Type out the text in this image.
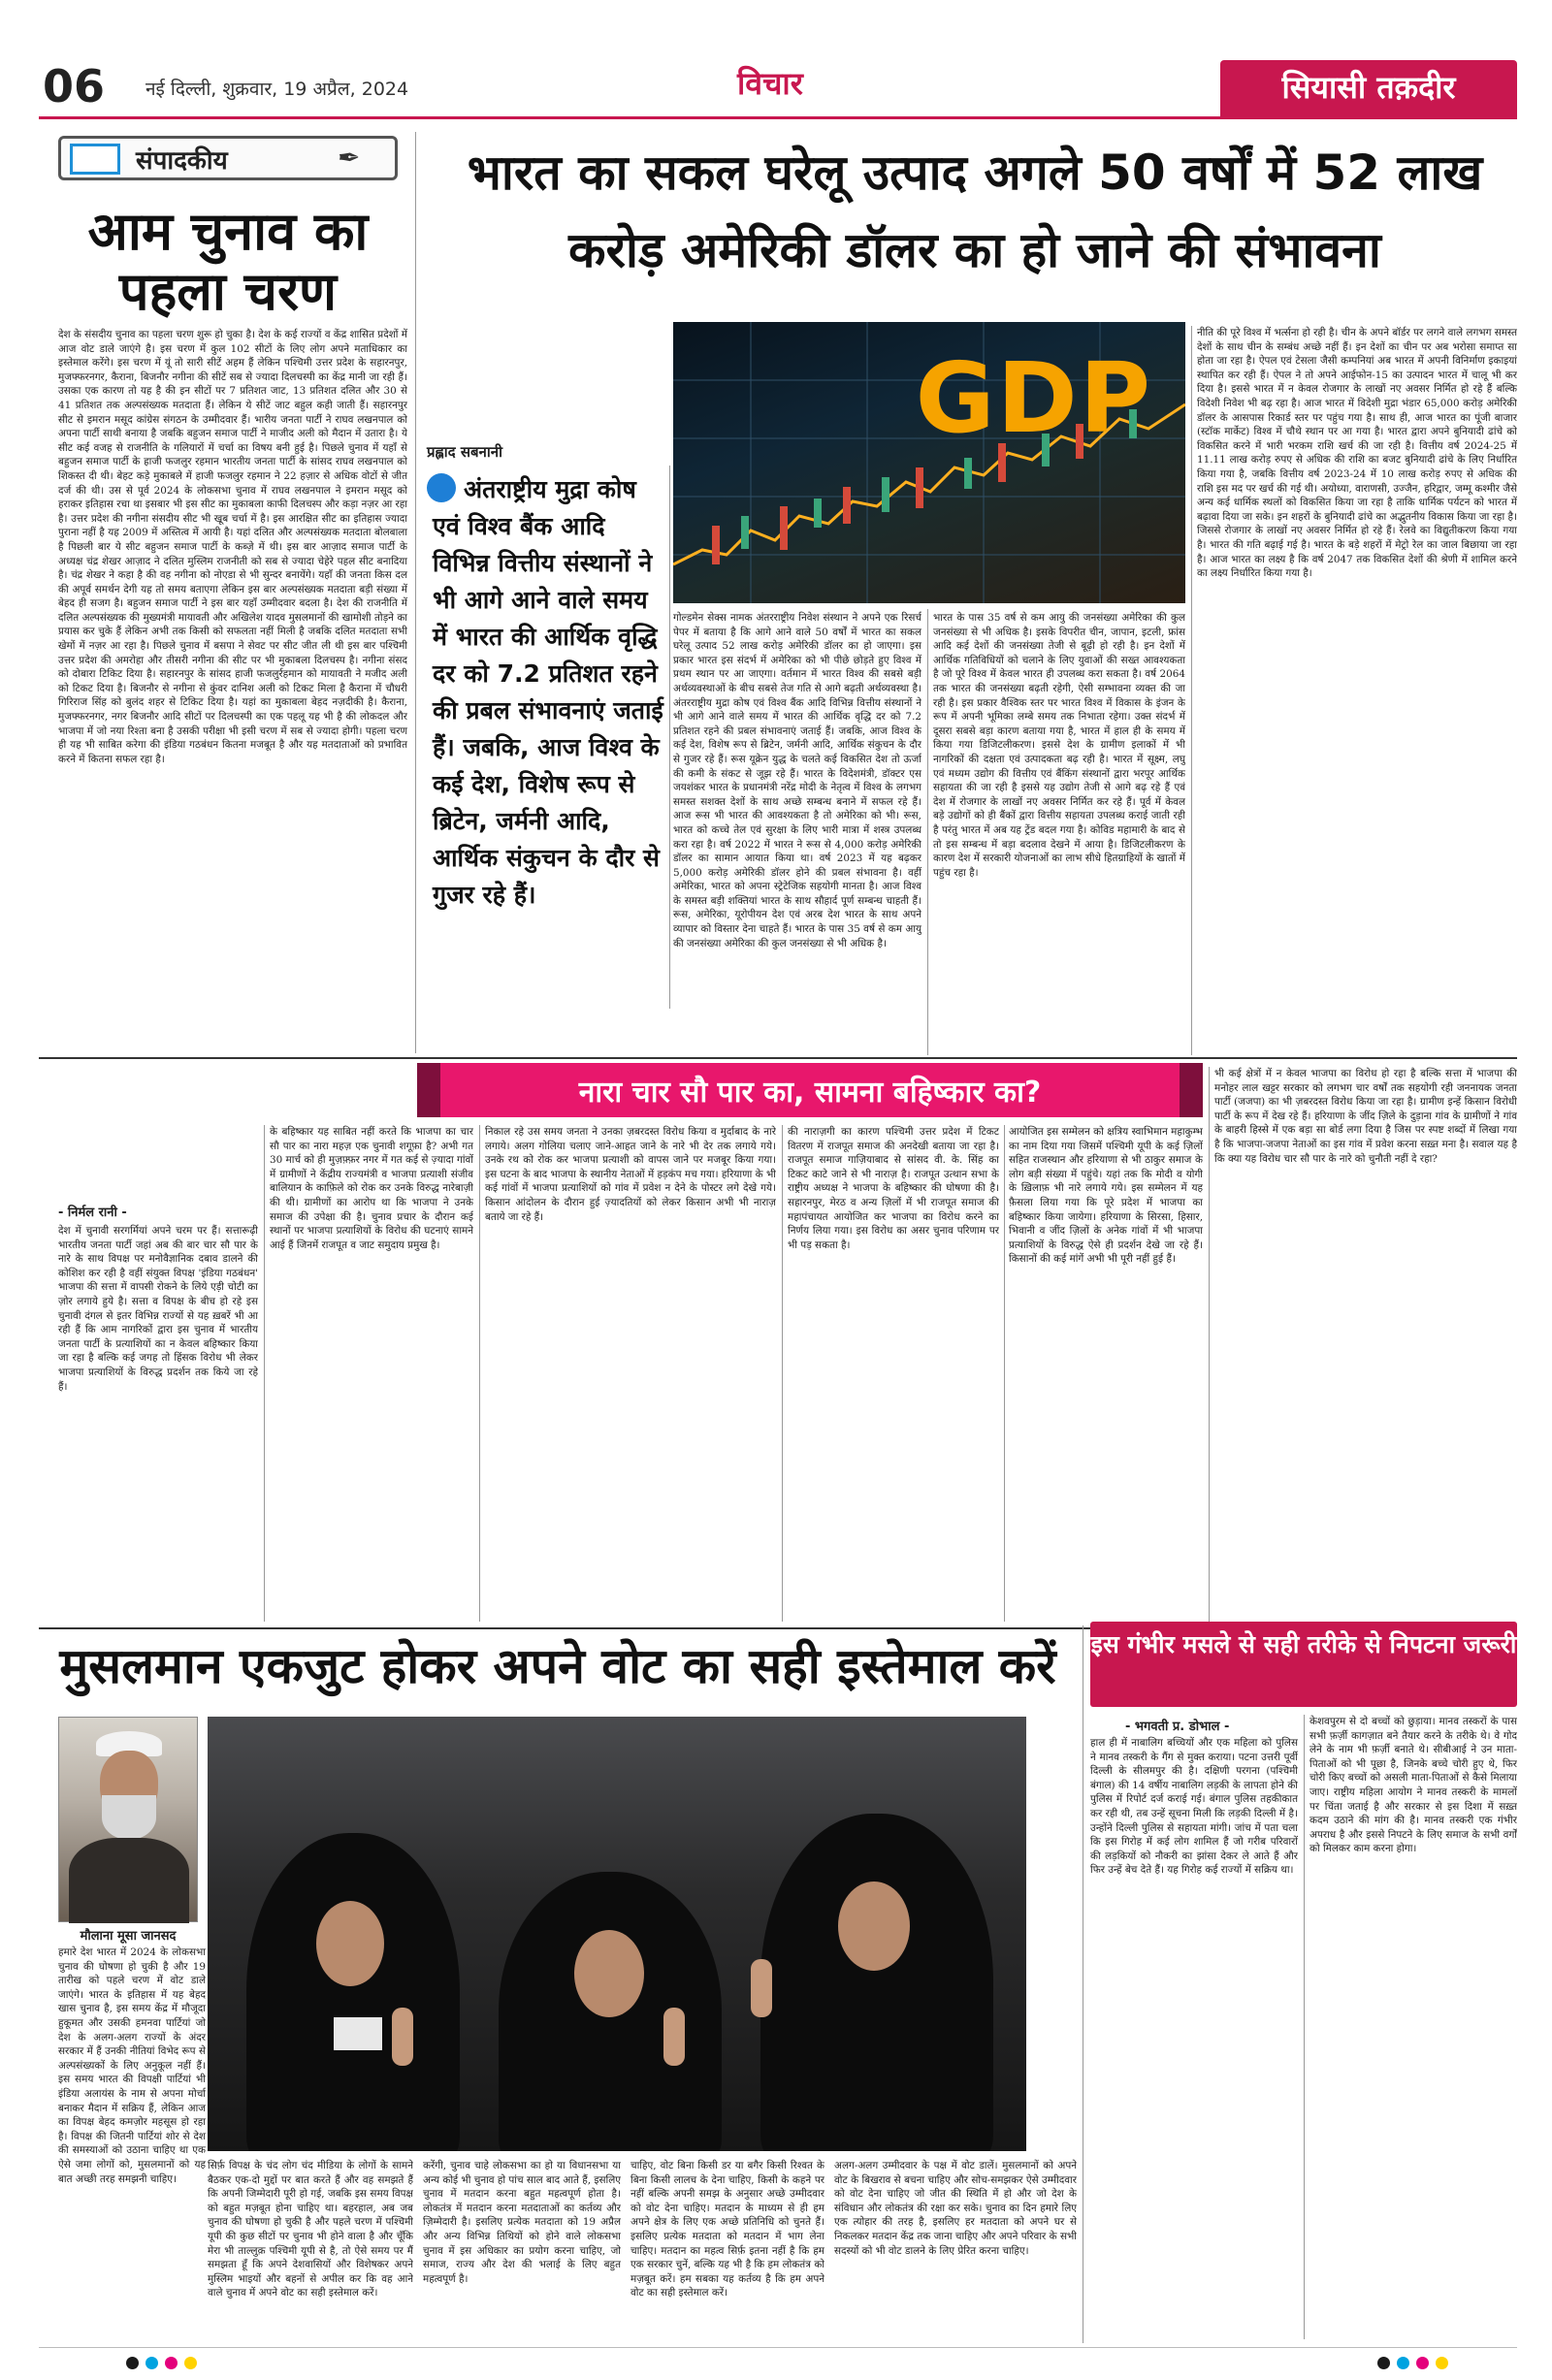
06 नई दिल्ली, शुक्रवार, 19 अप्रैल, 2024	विचार	सियासी तक़दीर
संपादकीय	✒
आम चुनाव का पहला चरण
देश के संसदीय चुनाव का पहला चरण शुरू हो चुका है। देश के कई राज्यों व केंद्र शासित प्रदेशों में आज वोट डाले जाएंगे है। इस चरण में कुल 102 सीटों के लिए लोग अपने मताधिकार का इस्तेमाल करेंगे। इस चरण में यूं तो सारी सीटें अहम हैं लेकिन पश्चिमी उत्तर प्रदेश के सहारनपुर, मुजफ्फरनगर, कैराना, बिजनौर नगीना की सीटें सब से ज्यादा दिलचस्पी का केंद्र मानी जा रही हैं। उसका एक कारण तो यह है की इन सीटों पर 7 प्रतिशत जाट, 13 प्रतिशत दलित और 30 से 41 प्रतिशत तक अल्पसंख्यक मतदाता हैं। लेकिन ये सीटें जाट बहुल कही जाती हैं। सहारनपुर सीट से इमरान मसूद कांग्रेस संगठन के उम्मीदवार हैं। भारीय जनता पार्टी ने राघव लखनपाल को अपना पार्टी साथी बनाया है जबकि बहुजन समाज पार्टी ने माजीद अली को मैदान में उतारा है। ये सीट कई वजह से राजनीति के गलियारों में चर्चा का विषय बनी हुई है। पिछले चुनाव में यहाँ से बहुजन समाज पार्टी के हाजी फजलुर रहमान भारतीय जनता पार्टी के सांसद राघव लखनपाल को शिकस्त दी थी। बेहट कड़े मुकाबले में हाजी फजलुर रहमान ने 22 हज़ार से अधिक वोटों से जीत दर्ज की थी। उस से पूर्व 2024 के लोकसभा चुनाव में राघव लखनपाल ने इमरान मसूद को हराकर इतिहास रचा था इसबार भी इस सीट का मुकाबला काफी दिलचस्प और कड़ा नज़र आ रहा है। उत्तर प्रदेश की नगीना संसदीय सीट भी खूब चर्चा में है। इस आरक्षित सीट का इतिहास ज्यादा पुराना नहीं है यह 2009 में अस्तित्व में आयी है। यहां दलित और अल्पसंख्यक मतदाता बोलबाला है पिछली बार ये सीट बहुजन समाज पार्टी के कब्ज़े में थी। इस बार आज़ाद समाज पार्टी के अध्यक्ष चंद्र शेखर आज़ाद ने दलित मुस्लिम राजनीती को सब से ज्यादा चेहेरे पहल सीट बनादिया है। चंद्र शेखर ने कहा है की वह नगीना को नोएडा से भी सुन्दर बनायेंगे। यहाँ की जनता किस दल की अपूर्व समर्थन देगी यह तो समय बताएगा लेकिन इस बार अल्पसंख्यक मतदाता बड़ी संख्या में बेहद ही सजग है। बहुजन समाज पार्टी ने इस बार यहाँ उम्मीदवार बदला है। देश की राजनीति में दलित अल्पसंख्यक की मुख्यमंत्री मायावती और अखिलेश यादव मुसलमानों की खामोशी तोड़ने का प्रयास कर चुके हैं लेकिन अभी तक किसी को सफलता नहीं मिली है जबकि दलित मतदाता सभी खेमों में नज़र आ रहा है। पिछले चुनाव में बसपा ने सेवट पर सीट जीत ली थी इस बार पश्चिमी उत्तर प्रदेश की अमरोहा और तीसरी नगीना की सीट पर भी मुकाबला दिलचस्प है। नगीना संसद को दोबारा टिकिट दिया है। सहारनपुर के सांसद हाजी फजलुर्रहमान को मायावती ने मजीद अली को टिकट दिया है। बिजनौर से नगीना से कुंवर दानिश अली को टिकट मिला है कैराना में चौधरी गिरिराज सिंह को बुलंद शहर से टिकिट दिया है। यहां का मुकाबला बेहद नज़दीकी है। कैराना, मुजफ्फरनगर, नगर बिजनौर आदि सीटों पर दिलचस्पी का एक पहलू यह भी है की लोकदल और भाजपा में जो नया रिश्ता बना है उसकी परीक्षा भी इसी चरण में सब से ज्यादा होगी। पहला चरण ही यह भी साबित करेगा की इंडिया गठबंधन कितना मजबूत है और यह मतदाताओं को प्रभावित करने में कितना सफल रहा है।
भारत का सकल घरेलू उत्पाद अगले 50 वर्षों में 52 लाख करोड़ अमेरिकी डॉलर का हो जाने की संभावना
प्रह्लाद सबनानी
अंतराष्ट्रीय मुद्रा कोष एवं विश्व बैंक आदि विभिन्न वित्तीय संस्थानों ने भी आगे आने वाले समय में भारत की आर्थिक वृद्धि दर को 7.2 प्रतिशत रहने की प्रबल संभावनाएं जताई हैं। जबकि, आज विश्व के कई देश, विशेष रूप से ब्रिटेन, जर्मनी आदि, आर्थिक संकुचन के दौर से गुजर रहे हैं।
GDP
गोल्डमेन सेक्स नामक अंतरराष्ट्रीय निवेश संस्थान ने अपने एक रिसर्च पेपर में बताया है कि आगे आने वाले 50 वर्षों में भारत का सकल घरेलू उत्पाद 52 लाख करोड़ अमेरिकी डॉलर का हो जाएगा। इस प्रकार भारत इस संदर्भ में अमेरिका को भी पीछे छोड़ते हुए विश्व में प्रथम स्थान पर आ जाएगा। वर्तमान में भारत विश्व की सबसे बड़ी अर्थव्यवस्थाओं के बीच सबसे तेज गति से आगे बढ़ती अर्थव्यवस्था है। अंतरराष्ट्रीय मुद्रा कोष एवं विश्व बैंक आदि विभिन्न वित्तीय संस्थानों ने भी आगे आने वाले समय में भारत की आर्थिक वृद्धि दर को 7.2 प्रतिशत रहने की प्रबल संभावनाएं जताई हैं। जबकि, आज विश्व के कई देश, विशेष रूप से ब्रिटेन, जर्मनी आदि, आर्थिक संकुचन के दौर से गुजर रहे हैं। रूस यूक्रेन युद्ध के चलते कई विकसित देश तो ऊर्जा की कमी के संकट से जूझ रहे हैं। भारत के विदेशमंत्री, डॉक्टर एस जयशंकर भारत के प्रधानमंत्री नरेंद्र मोदी के नेतृत्व में विश्व के लगभग समस्त सशक्त देशों के साथ अच्छे सम्बन्ध बनाने में सफल रहे हैं। आज रूस भी भारत की आवश्यकता है तो अमेरिका को भी। रूस, भारत को कच्चे तेल एवं सुरक्षा के लिए भारी मात्रा में शस्त्र उपलब्ध करा रहा है। वर्ष 2022 में भारत ने रूस से 4,000 करोड़ अमेरिकी डॉलर का सामान आयात किया था। वर्ष 2023 में यह बढ़कर 5,000 करोड़ अमेरिकी डॉलर होने की प्रबल संभावना है। वहीं अमेरिका, भारत को अपना स्ट्रेटेजिक सहयोगी मानता है। आज विश्व के समस्त बड़ी शक्तियां भारत के साथ सौहार्द पूर्ण सम्बन्ध चाहती हैं। रूस, अमेरिका, यूरोपीयन देश एवं अरब देश भारत के साथ अपने व्यापार को विस्तार देना चाहते हैं। भारत के पास 35 वर्ष से कम आयु की जनसंख्या अमेरिका की कुल जनसंख्या से भी अधिक है।
भारत के पास 35 वर्ष से कम आयु की जनसंख्या अमेरिका की कुल जनसंख्या से भी अधिक है। इसके विपरीत चीन, जापान, इटली, फ्रांस आदि कई देशों की जनसंख्या तेजी से बूढ़ी हो रही है। इन देशों में आर्थिक गतिविधियों को चलाने के लिए युवाओं की सख्त आवश्यकता है जो पूरे विश्व में केवल भारत ही उपलब्ध करा सकता है। वर्ष 2064 तक भारत की जनसंख्या बढ़ती रहेगी, ऐसी सम्भावना व्यक्त की जा रही है। इस प्रकार वैश्विक स्तर पर भारत विश्व में विकास के इंजन के रूप में अपनी भूमिका लम्बे समय तक निभाता रहेगा। उक्त संदर्भ में दूसरा सबसे बड़ा कारण बताया गया है, भारत में हाल ही के समय में किया गया डिजिटलीकरण। इससे देश के ग्रामीण इलाकों में भी नागरिकों की दक्षता एवं उत्पादकता बढ़ रही है। भारत में सूक्ष्म, लघु एवं मध्यम उद्योग की वित्तीय एवं बैंकिंग संस्थानों द्वारा भरपूर आर्थिक सहायता की जा रही है इससे यह उद्योग तेजी से आगे बढ़ रहे हैं एवं देश में रोजगार के लाखों नए अवसर निर्मित कर रहे हैं। पूर्व में केवल बड़े उद्योगों को ही बैंकों द्वारा वित्तीय सहायता उपलब्ध कराई जाती रही है परंतु भारत में अब यह ट्रेंड बदल गया है। कोविड महामारी के बाद से तो इस सम्बन्ध में बड़ा बदलाव देखने में आया है। डिजिटलीकरण के कारण देश में सरकारी योजनाओं का लाभ सीधे हितग्राहियों के खातों में पहुंच रहा है।
नीति की पूरे विश्व में भर्त्सना हो रही है। चीन के अपने बॉर्डर पर लगने वाले लगभग समस्त देशों के साथ चीन के सम्बंध अच्छे नहीं हैं। इन देशों का चीन पर अब भरोसा समाप्त सा होता जा रहा है। ऐपल एवं टेसला जैसी कम्पनियां अब भारत में अपनी विनिर्माण इकाइयां स्थापित कर रही हैं। ऐपल ने तो अपने आईफोन-15 का उत्पादन भारत में चालू भी कर दिया है। इससे भारत में न केवल रोजगार के लाखों नए अवसर निर्मित हो रहे हैं बल्कि विदेशी निवेश भी बढ़ रहा है। आज भारत में विदेशी मुद्रा भंडार 65,000 करोड़ अमेरिकी डॉलर के आसपास रिकार्ड स्तर पर पहुंच गया है। साथ ही, आज भारत का पूंजी बाजार (स्टॉक मार्केट) विश्व में चौथे स्थान पर आ गया है। भारत द्वारा अपने बुनियादी ढांचे को विकसित करने में भारी भरकम राशि खर्च की जा रही है। वित्तीय वर्ष 2024-25 में 11.11 लाख करोड़ रुपए से अधिक की राशि का बजट बुनियादी ढांचे के लिए निर्धारित किया गया है, जबकि वित्तीय वर्ष 2023-24 में 10 लाख करोड़ रुपए से अधिक की राशि इस मद पर खर्च की गई थी। अयोध्या, वाराणसी, उज्जैन, हरिद्वार, जम्मू कश्मीर जैसे अन्य कई धार्मिक स्थलों को विकसित किया जा रहा है ताकि धार्मिक पर्यटन को भारत में बढ़ावा दिया जा सके। इन शहरों के बुनियादी ढांचे का अद्भुतनीय विकास किया जा रहा है। जिससे रोजगार के लाखों नए अवसर निर्मित हो रहे हैं। रेलवे का विद्युतीकरण किया गया है। भारत की गति बढ़ाई गई है। भारत के बड़े शहरों में मेट्रो रेल का जाल बिछाया जा रहा है। आज भारत का लक्ष्य है कि वर्ष 2047 तक विकसित देशों की श्रेणी में शामिल करने का लक्ष्य निर्धारित किया गया है।
नारा चार सौ पार का, सामना बहिष्कार का?
- निर्मल रानी -
देश में चुनावी सरगर्मियां अपने चरम पर हैं। सत्तारूढ़ी भारतीय जनता पार्टी जहां अब की बार चार सौ पार के नारे के साथ विपक्ष पर मनोवैज्ञानिक दबाव डालने की कोशिश कर रही है वहीं संयुक्त विपक्ष 'इंडिया गठबंधन' भाजपा की सत्ता में वापसी रोकने के लिये एड़ी चोटी का ज़ोर लगाये हुये है। सत्ता व विपक्ष के बीच हो रहे इस चुनावी दंगल से इतर विभिन्न राज्यों से यह ख़बरें भी आ रही हैं कि आम नागरिकों द्वारा इस चुनाव में भारतीय जनता पार्टी के प्रत्याशियों का न केवल बहिष्कार किया जा रहा है बल्कि कई जगह तो हिंसक विरोध भी लेकर भाजपा प्रत्याशियों के विरुद्ध प्रदर्शन तक किये जा रहे हैं।
के बहिष्कार यह साबित नहीं करते कि भाजपा का चार सौ पार का नारा महज़ एक चुनावी शगूफ़ा है? अभी गत 30 मार्च को ही मुज़फ़्फ़र नगर में गत कई से ज़्यादा गांवों में ग्रामीणों ने केंद्रीय राज्यमंत्री व भाजपा प्रत्याशी संजीव बालियान के काफ़िले को रोक कर उनके विरुद्ध नारेबाज़ी की थी। ग्रामीणों का आरोप था कि भाजपा ने उनके समाज की उपेक्षा की है। चुनाव प्रचार के दौरान कई स्थानों पर भाजपा प्रत्याशियों के विरोध की घटनाएं सामने आई हैं जिनमें राजपूत व जाट समुदाय प्रमुख है।
निकाल रहे उस समय जनता ने उनका ज़बरदस्त विरोध किया व मुर्दाबाद के नारे लगाये। अलग गोलिया चलाए जाने-आहत जाने के नारे भी देर तक लगाये गये। उनके रथ को रोक कर भाजपा प्रत्याशी को वापस जाने पर मजबूर किया गया। इस घटना के बाद भाजपा के स्थानीय नेताओं में हड़कंप मच गया। हरियाणा के भी कई गांवों में भाजपा प्रत्याशियों को गांव में प्रवेश न देने के पोस्टर लगे देखे गये। किसान आंदोलन के दौरान हुई ज़्यादतियों को लेकर किसान अभी भी नाराज़ बताये जा रहे हैं।
की नाराज़गी का कारण पश्चिमी उत्तर प्रदेश में टिकट वितरण में राजपूत समाज की अनदेखी बताया जा रहा है। राजपूत समाज गाज़ियाबाद से सांसद वी. के. सिंह का टिकट काटे जाने से भी नाराज़ है। राजपूत उत्थान सभा के राष्ट्रीय अध्यक्ष ने भाजपा के बहिष्कार की घोषणा की है। सहारनपुर, मेरठ व अन्य ज़िलों में भी राजपूत समाज की महापंचायत आयोजित कर भाजपा का विरोध करने का निर्णय लिया गया। इस विरोध का असर चुनाव परिणाम पर भी पड़ सकता है।
आयोजित इस सम्मेलन को क्षत्रिय स्वाभिमान महाकुम्भ का नाम दिया गया जिसमें पश्चिमी यूपी के कई ज़िलों सहित राजस्थान और हरियाणा से भी ठाकुर समाज के लोग बड़ी संख्या में पहुंचे। यहां तक कि मोदी व योगी के ख़िलाफ़ भी नारे लगाये गये। इस सम्मेलन में यह फ़ैसला लिया गया कि पूरे प्रदेश में भाजपा का बहिष्कार किया जायेगा। हरियाणा के सिरसा, हिसार, भिवानी व जींद ज़िलों के अनेक गांवों में भी भाजपा प्रत्याशियों के विरुद्ध ऐसे ही प्रदर्शन देखे जा रहे हैं। किसानों की कई मांगें अभी भी पूरी नहीं हुई हैं।
भी कई क्षेत्रों में न केवल भाजपा का विरोध हो रहा है बल्कि सत्ता में भाजपा की मनोहर लाल खट्टर सरकार को लगभग चार वर्षों तक सहयोगी रही जननायक जनता पार्टी (जजपा) का भी ज़बरदस्त विरोध किया जा रहा है। ग्रामीण इन्हें किसान विरोधी पार्टी के रूप में देख रहे हैं। हरियाणा के जींद ज़िले के दुड़ाना गांव के ग्रामीणों ने गांव के बाहरी हिस्से में एक बड़ा सा बोर्ड लगा दिया है जिस पर स्पष्ट शब्दों में लिखा गया है कि भाजपा-जजपा नेताओं का इस गांव में प्रवेश करना सख़्त मना है। सवाल यह है कि क्या यह विरोध चार सौ पार के नारे को चुनौती नहीं दे रहा?
मुसलमान एकजुट होकर अपने वोट का सही इस्तेमाल करें
मौलाना मूसा जानसद
हमारे देश भारत में 2024 के लोकसभा चुनाव की घोषणा हो चुकी है और 19 तारीख को पहले चरण में वोट डाले जाएंगे। भारत के इतिहास में यह बेहद खास चुनाव है, इस समय केंद्र में मौजूदा हुकूमत और उसकी हमनवा पार्टियां जो देश के अलग-अलग राज्यों के अंदर सरकार में हैं उनकी नीतियां विभेद रूप से अल्पसंख्यकों के लिए अनुकूल नहीं हैं। इस समय भारत की विपक्षी पार्टियां भी इंडिया अलायंस के नाम से अपना मोर्चा बनाकर मैदान में सक्रिय हैं, लेकिन आज का विपक्ष बेहद कमज़ोर महसूस हो रहा है। विपक्ष की जितनी पार्टियां शोर से देश की समस्याओं को उठाना चाहिए था एक ऐसे जमा लोगों को, मुसलमानों को यह बात अच्छी तरह समझनी चाहिए।
सिर्फ़ विपक्ष के चंद लोग चंद मीडिया के लोगों के सामने बैठकर एक-दो मुद्दों पर बात करते हैं और वह समझते हैं कि अपनी जिम्मेदारी पूरी हो गई, जबकि इस समय विपक्ष को बहुत मज़बूत होना चाहिए था। बहरहाल, अब जब चुनाव की घोषणा हो चुकी है और पहले चरण में पश्चिमी यूपी की कुछ सीटों पर चुनाव भी होने वाला है और चूँकि मेरा भी ताल्लुक़ पश्चिमी यूपी से है, तो ऐसे समय पर मैं समझता हूँ कि अपने देशवासियों और विशेषकर अपने मुस्लिम भाइयों और बहनों से अपील कर कि वह आने वाले चुनाव में अपने वोट का सही इस्तेमाल करें।
करेंगी, चुनाव चाहे लोकसभा का हो या विधानसभा या अन्य कोई भी चुनाव हो पांच साल बाद आते हैं, इसलिए चुनाव में मतदान करना बहुत महत्वपूर्ण होता है। लोकतंत्र में मतदान करना मतदाताओं का कर्तव्य और ज़िम्मेदारी है। इसलिए प्रत्येक मतदाता को 19 अप्रैल और अन्य विभिन्न तिथियों को होने वाले लोकसभा चुनाव में इस अधिकार का प्रयोग करना चाहिए, जो समाज, राज्य और देश की भलाई के लिए बहुत महत्वपूर्ण है।
चाहिए, वोट बिना किसी डर या बगैर किसी रिश्वत के बिना किसी लालच के देना चाहिए, किसी के कहने पर नहीं बल्कि अपनी समझ के अनुसार अच्छे उम्मीदवार को वोट देना चाहिए। मतदान के माध्यम से ही हम अपने क्षेत्र के लिए एक अच्छे प्रतिनिधि को चुनते हैं। इसलिए प्रत्येक मतदाता को मतदान में भाग लेना चाहिए। मतदान का महत्व सिर्फ़ इतना नहीं है कि हम एक सरकार चुनें, बल्कि यह भी है कि हम लोकतंत्र को मज़बूत करें। हम सबका यह कर्तव्य है कि हम अपने वोट का सही इस्तेमाल करें।
अलग-अलग उम्मीदवार के पक्ष में वोट डालें। मुसलमानों को अपने वोट के बिखराव से बचना चाहिए और सोच-समझकर ऐसे उम्मीदवार को वोट देना चाहिए जो जीत की स्थिति में हो और जो देश के संविधान और लोकतंत्र की रक्षा कर सके। चुनाव का दिन हमारे लिए एक त्योहार की तरह है, इसलिए हर मतदाता को अपने घर से निकलकर मतदान केंद्र तक जाना चाहिए और अपने परिवार के सभी सदस्यों को भी वोट डालने के लिए प्रेरित करना चाहिए।
इस गंभीर मसले से सही तरीके से निपटना जरूरी
- भगवती प्र. डोभाल -
हाल ही में नाबालिग बच्चियों और एक महिला को पुलिस ने मानव तस्करी के गैंग से मुक्त कराया। पटना उत्तरी पूर्वी दिल्ली के सीलमपुर की है। दक्षिणी परगना (पश्चिमी बंगाल) की 14 वर्षीय नाबालिग लड़की के लापता होने की पुलिस में रिपोर्ट दर्ज कराई गई। बंगाल पुलिस तहकीकात कर रही थी, तब उन्हें सूचना मिली कि लड़की दिल्ली में है। उन्होंने दिल्ली पुलिस से सहायता मांगी। जांच में पता चला कि इस गिरोह में कई लोग शामिल हैं जो गरीब परिवारों की लड़कियों को नौकरी का झांसा देकर ले आते हैं और फिर उन्हें बेच देते हैं। यह गिरोह कई राज्यों में सक्रिय था।
केशवपुरम से दो बच्चों को छुड़ाया। मानव तस्करों के पास सभी फ़र्ज़ी कागज़ात बने तैयार करने के तरीके थे। वे गोद लेने के नाम भी फ़र्ज़ी बनाते थे। सीबीआई ने उन माता-पिताओं को भी पूछा है, जिनके बच्चे चोरी हुए थे, फिर चोरी किए बच्चों को असली माता-पिताओं से कैसे मिलाया जाए। राष्ट्रीय महिला आयोग ने मानव तस्करी के मामलों पर चिंता जताई है और सरकार से इस दिशा में सख़्त कदम उठाने की मांग की है। मानव तस्करी एक गंभीर अपराध है और इससे निपटने के लिए समाज के सभी वर्गों को मिलकर काम करना होगा।
